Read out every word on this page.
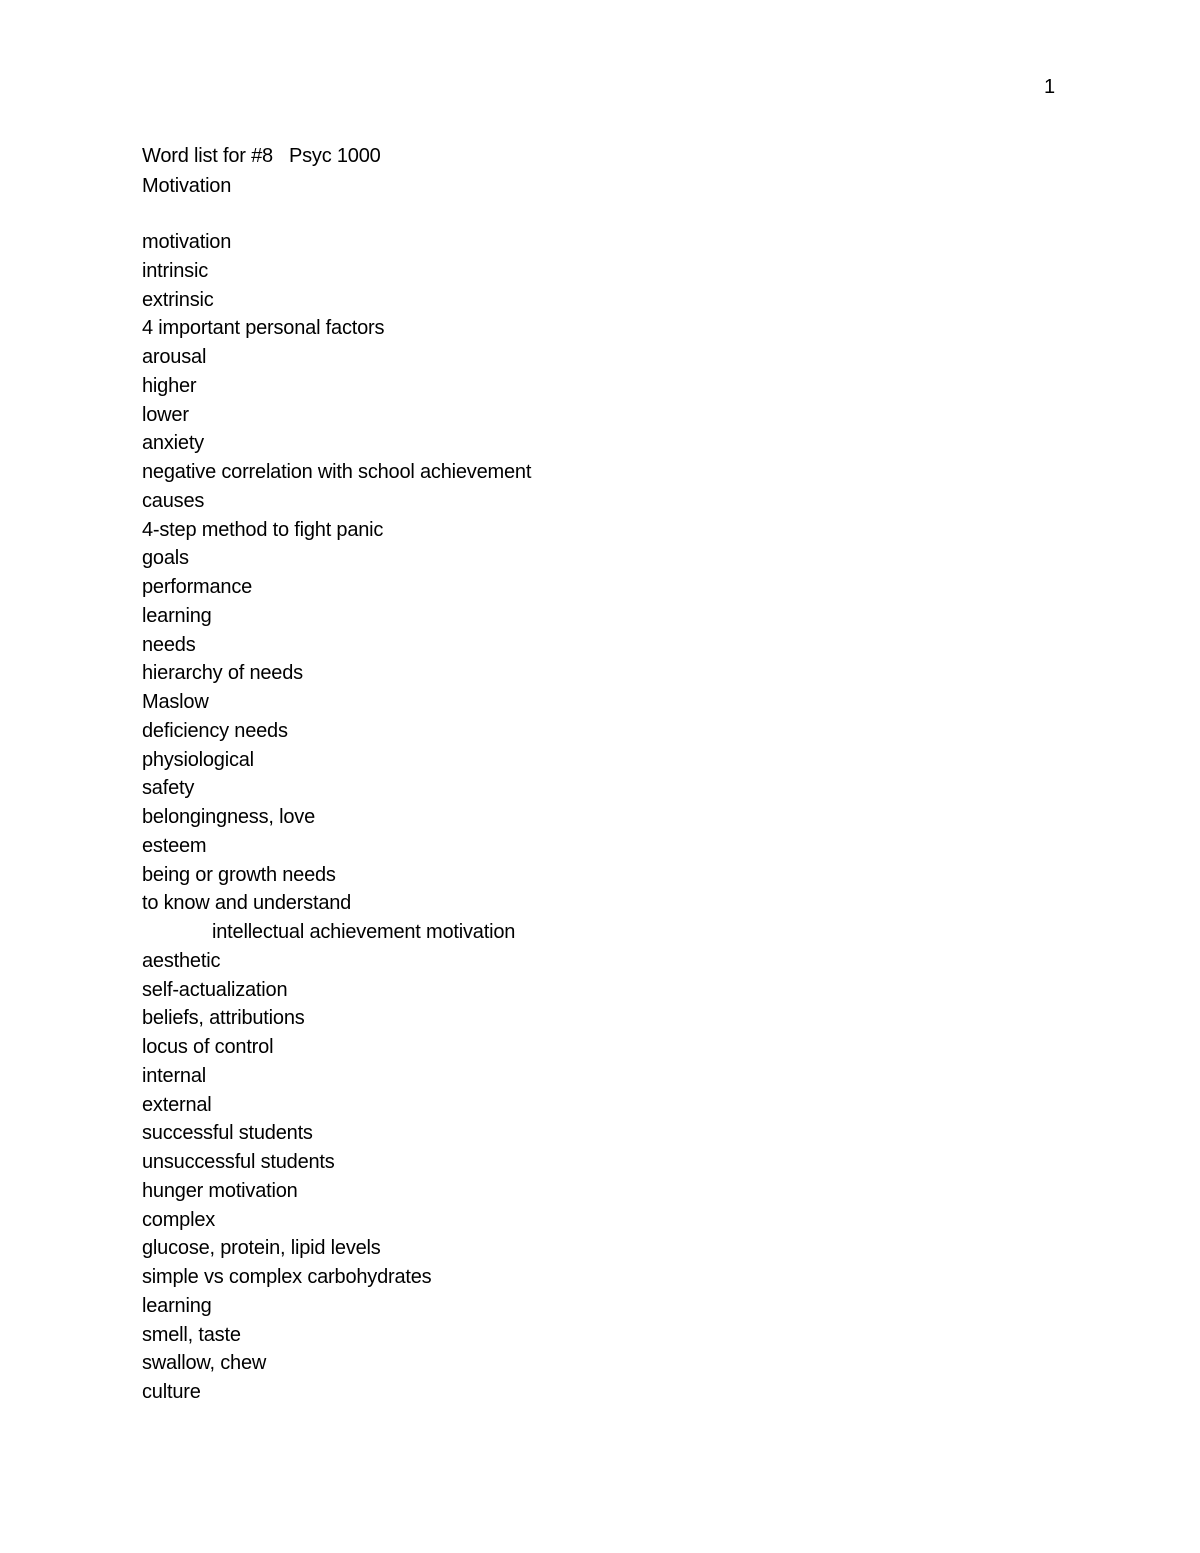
1
Word list for #8   Psyc 1000
Motivation
motivation
intrinsic
extrinsic
4 important personal factors
arousal
higher
lower
anxiety
negative correlation with school achievement
causes
4-step method to fight panic
goals
performance
learning
needs
hierarchy of needs
Maslow
deficiency needs
physiological
safety
belongingness, love
esteem
being or growth needs
to know and understand
intellectual achievement motivation
aesthetic
self-actualization
beliefs, attributions
locus of control
internal
external
successful students
unsuccessful students
hunger motivation
complex
glucose, protein, lipid levels
simple vs complex carbohydrates
learning
smell, taste
swallow, chew
culture
